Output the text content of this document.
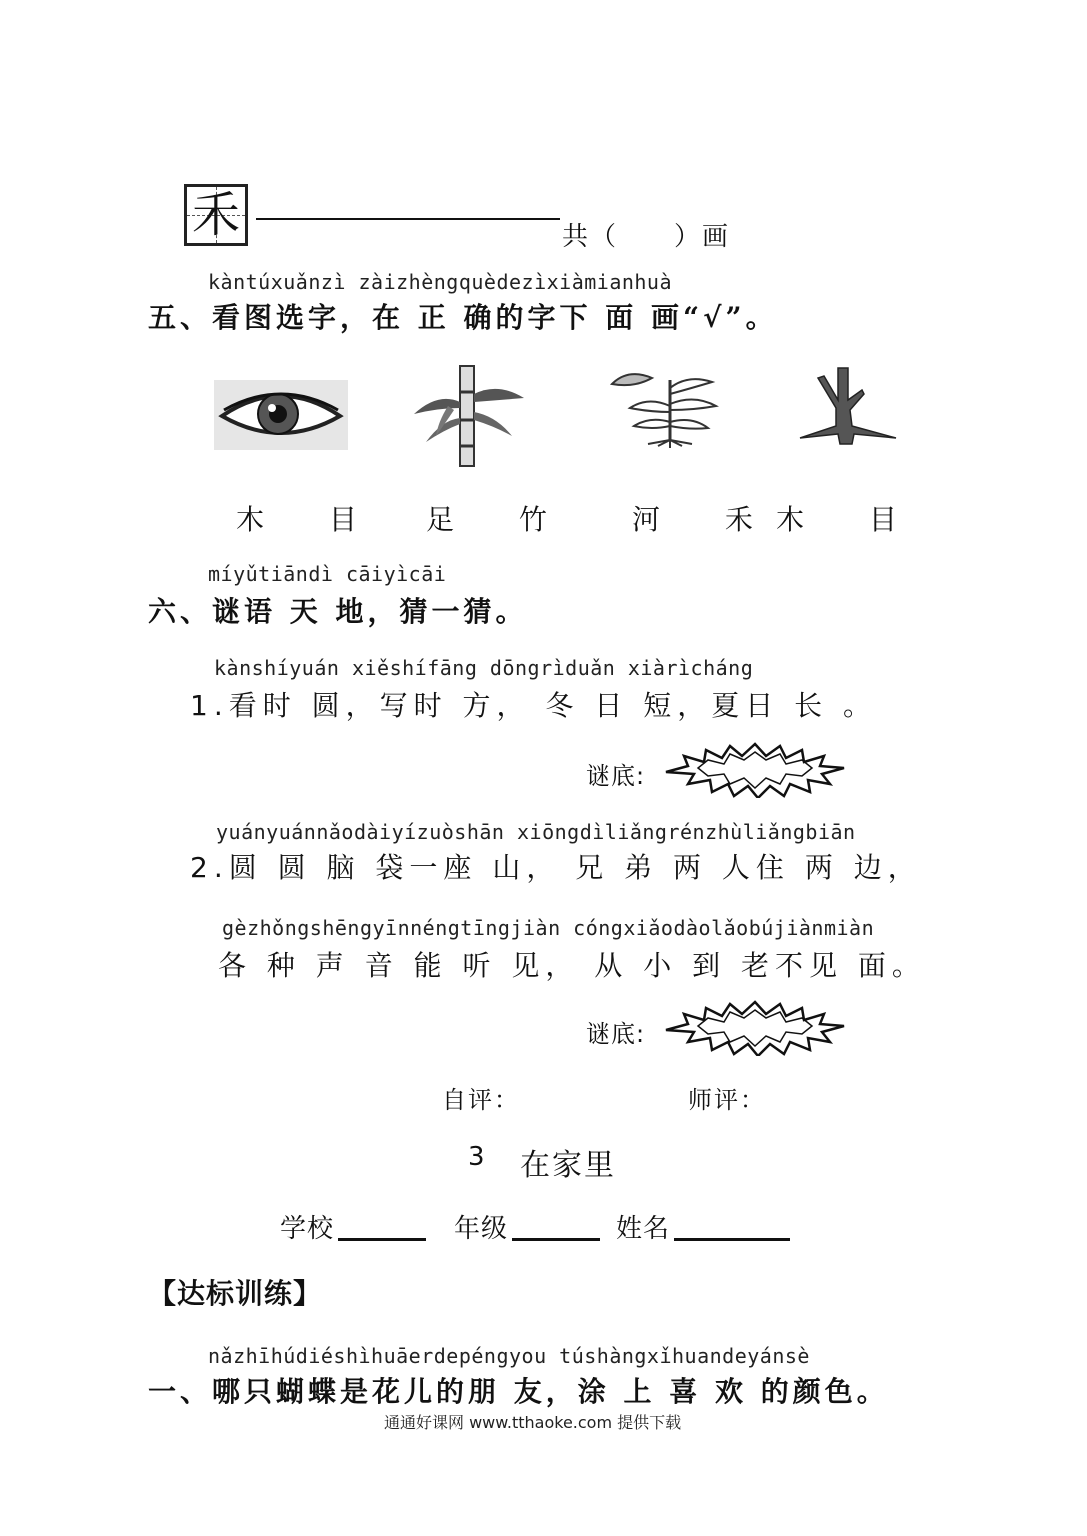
禾	共（　　）画
kàntúxuǎnzì zàizhèngquèdezìxiàmianhuà
五、看图选字，在 正 确的字下 面 画“√”。
木 目 足 竹 河 禾
木 目
míyǔtiāndì cāiyìcāi
六、谜语 天 地，猜一猜。
kànshíyuán xiěshífāng dōngrìduǎn xiàrìcháng
1.看时 圆，写时 方， 冬 日 短，夏日 长 。
谜底:
yuányuánnǎodàiyízuòshān xiōngdìliǎngrénzhùliǎngbiān
2.圆 圆 脑 袋一座 山， 兄 弟 两 人住 两 边，
gèzhǒngshēngyīnnéngtīngjiàn cóngxiǎodàolǎobújiànmiàn
各 种 声 音 能 听 见， 从 小 到 老不见 面。
谜底:
自评：	师评：
3 在家里
学校	年级	姓名
【达标训练】
nǎzhīhúdiéshìhuāerdepéngyou túshàngxǐhuandeyánsè
一、哪只蝴蝶是花儿的朋 友，涂 上 喜 欢 的颜色。
通通好课网 www.tthaoke.com 提供下载
